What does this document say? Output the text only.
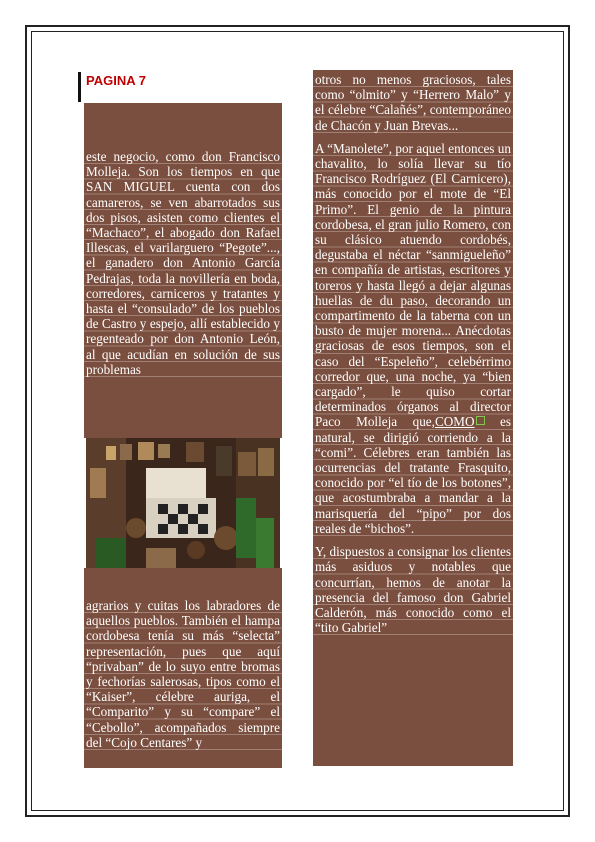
PAGINA 7

este negocio, como don Francisco Molleja. Son los tiempos en que SAN MIGUEL cuenta con dos camareros, se ven abarrotados sus dos pisos, asisten como clientes el “Machaco”, el abogado don Rafael Illescas, el varilarguero “Pegote”..., el ganadero don Antonio García Pedrajas, toda la novillería en boda, corredores, carniceros y tratantes y hasta el “consulado” de los pueblos de Castro y espejo, allí establecido y regenteado por don Antonio León, al que acudían en solución de sus problemas

agrarios y cuitas los labradores de aquellos pueblos. También el hampa cordobesa tenía su más “selecta” representación, pues que aquí “privaban” de lo suyo entre bromas y fechorías salerosas, tipos como el “Kaiser”, célebre auriga, el “Comparito” y su “compare” el “Cebollo”, acompañados siempre del “Cojo Centares” y

otros no menos graciosos, tales como “olmito” y “Herrero Malo” y el célebre “Calañés”, contemporáneo de Chacón y Juan Brevas...

A “Manolete”, por aquel entonces un chavalito, lo solía llevar su tío Francisco Rodríguez (El Carnicero), más conocido por el mote de “El Primo”. El genio de la pintura cordobesa, el gran julio Romero, con su clásico atuendo cordobés, degustaba el néctar “sanmigueleño” en compañía de artistas, escritores y toreros y hasta llegó a dejar algunas huellas de du paso, decorando un compartimento de la taberna con un busto de mujer morena... Anécdotas graciosas de esos tiempos, son el caso del “Espeleño”, celebérrimo corredor que, una noche, ya “bien cargado”, le quiso cortar determinados órganos al director Paco Molleja que,COMO es natural, se dirigió corriendo a la “comi”. Célebres eran también las ocurrencias del tratante Frasquito, conocido por “el tío de los botones”, que acostumbraba a mandar a la marisquería del “pipo” por dos reales de “bichos”.

Y, dispuestos a consignar los clientes más asiduos y notables que concurrían, hemos de anotar la presencia del famoso don Gabriel Calderón, más conocido como el “tito Gabriel”
